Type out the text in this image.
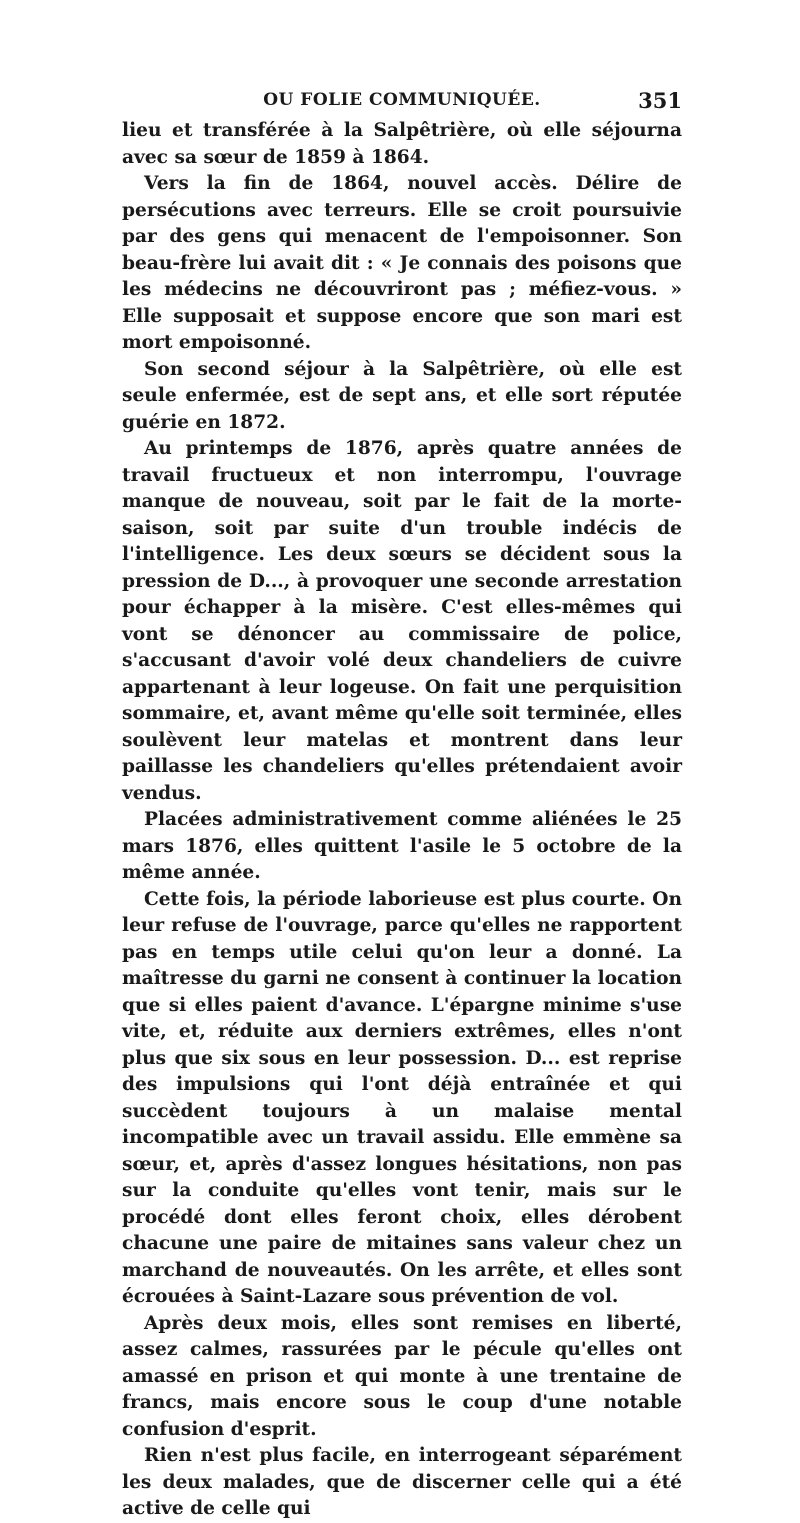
OU FOLIE COMMUNIQUÉE.	351

lieu et transférée à la Salpêtrière, où elle séjourna avec sa sœur de 1859 à 1864.

Vers la fin de 1864, nouvel accès. Délire de persécutions avec terreurs. Elle se croit poursuivie par des gens qui menacent de l'empoisonner. Son beau-frère lui avait dit : « Je connais des poisons que les médecins ne découvriront pas ; méfiez-vous. » Elle supposait et suppose encore que son mari est mort empoisonné.

Son second séjour à la Salpêtrière, où elle est seule enfermée, est de sept ans, et elle sort réputée guérie en 1872.

Au printemps de 1876, après quatre années de travail fructueux et non interrompu, l'ouvrage manque de nouveau, soit par le fait de la morte-saison, soit par suite d'un trouble indécis de l'intelligence. Les deux sœurs se décident sous la pression de D..., à provoquer une seconde arrestation pour échapper à la misère. C'est elles-mêmes qui vont se dénoncer au commissaire de police, s'accusant d'avoir volé deux chandeliers de cuivre appartenant à leur logeuse. On fait une perquisition sommaire, et, avant même qu'elle soit terminée, elles soulèvent leur matelas et montrent dans leur paillasse les chandeliers qu'elles prétendaient avoir vendus.

Placées administrativement comme aliénées le 25 mars 1876, elles quittent l'asile le 5 octobre de la même année.

Cette fois, la période laborieuse est plus courte. On leur refuse de l'ouvrage, parce qu'elles ne rapportent pas en temps utile celui qu'on leur a donné. La maîtresse du garni ne consent à continuer la location que si elles paient d'avance. L'épargne minime s'use vite, et, réduite aux derniers extrêmes, elles n'ont plus que six sous en leur possession. D... est reprise des impulsions qui l'ont déjà entraînée et qui succèdent toujours à un malaise mental incompatible avec un travail assidu. Elle emmène sa sœur, et, après d'assez longues hésitations, non pas sur la conduite qu'elles vont tenir, mais sur le procédé dont elles feront choix, elles dérobent chacune une paire de mitaines sans valeur chez un marchand de nouveautés. On les arrête, et elles sont écrouées à Saint-Lazare sous prévention de vol.

Après deux mois, elles sont remises en liberté, assez calmes, rassurées par le pécule qu'elles ont amassé en prison et qui monte à une trentaine de francs, mais encore sous le coup d'une notable confusion d'esprit.

Rien n'est plus facile, en interrogeant séparément les deux malades, que de discerner celle qui a été active de celle qui
